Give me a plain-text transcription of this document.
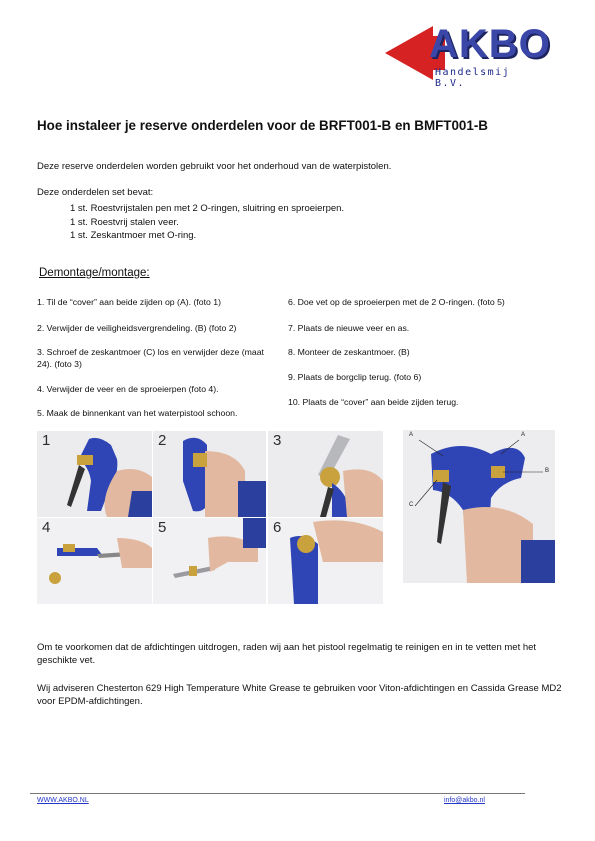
AKBO
Handelsmij B.V.
Hoe instaleer je reserve onderdelen voor de BRFT001-B en BMFT001-B
Deze reserve onderdelen worden gebruikt voor het onderhoud van de waterpistolen.
Deze onderdelen set bevat:
1 st. Roestvrijstalen pen met 2 O-ringen, sluitring en sproeierpen.
1 st. Roestvrij stalen veer.
1 st. Zeskantmoer met O-ring.
Demontage/montage:
1. Til de “cover” aan beide zijden op (A). (foto 1)
2. Verwijder de veiligheidsvergrendeling. (B) (foto 2)
3. Schroef de zeskantmoer (C) los en verwijder deze (maat 24). (foto 3)
4. Verwijder de veer en de sproeierpen (foto 4).
5. Maak de binnenkant van het waterpistool schoon.
6. Doe vet op de sproeierpen met de 2 O-ringen. (foto 5)
7. Plaats de nieuwe veer en as.
8. Monteer de zeskantmoer. (B)
9. Plaats de borgclip terug. (foto 6)
10. Plaats de “cover” aan beide zijden terug.
1	2	3
4	5	6
A	A
B
C
Om te voorkomen dat de afdichtingen uitdrogen, raden wij aan het pistool regelmatig te reinigen en in te vetten met het geschikte vet.
Wij adviseren Chesterton 629 High Temperature White Grease te gebruiken voor Viton-afdichtingen en Cassida Grease MD2 voor EPDM-afdichtingen.
WWW.AKBO.NL	info@akbo.nl
